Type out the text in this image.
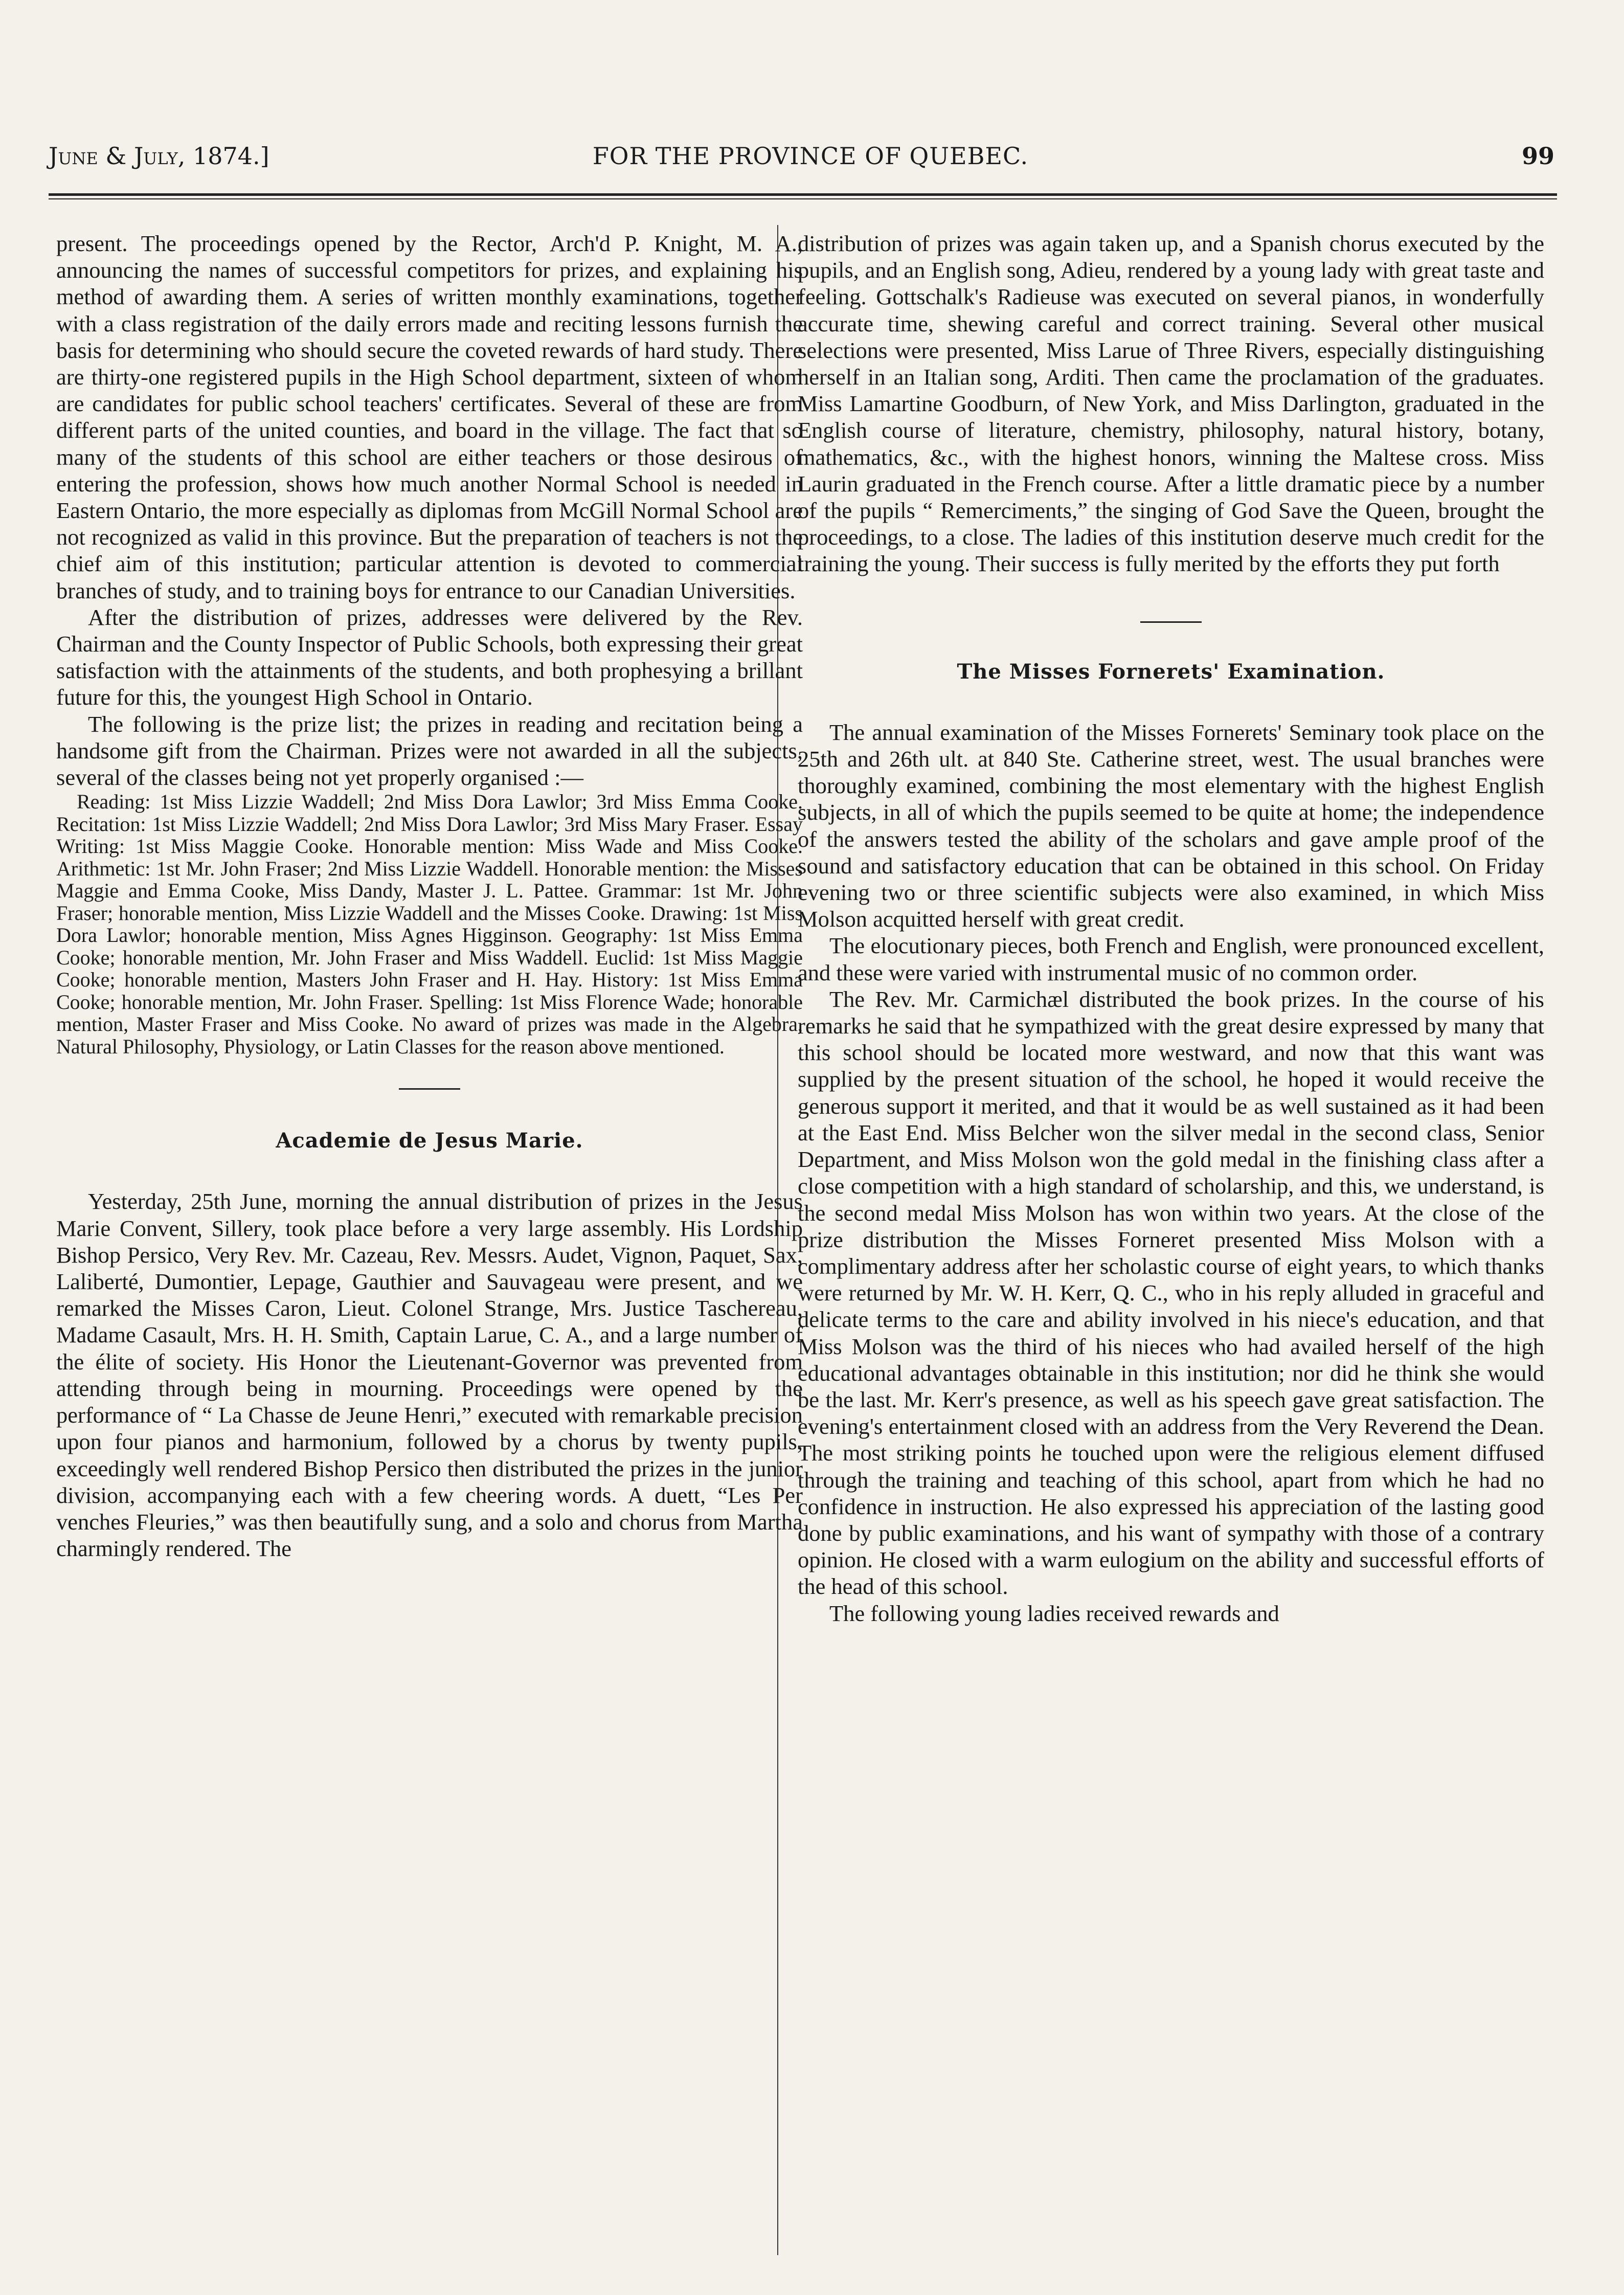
June & July, 1874.]	FOR THE PROVINCE OF QUEBEC.	99

present. The proceedings opened by the Rector, Arch'd P. Knight, M. A., announcing the names of successful competitors for prizes, and explaining his method of awarding them. A series of written monthly examinations, together with a class registration of the daily errors made and reciting lessons furnish the basis for determining who should secure the coveted rewards of hard study. There are thirty-one registered pupils in the High School department, sixteen of whom are candidates for public school teachers' certificates. Several of these are from different parts of the united counties, and board in the village. The fact that so many of the students of this school are either teachers or those desirous of entering the profession, shows how much another Normal School is needed in Eastern Ontario, the more especially as diplomas from McGill Normal School are not recognized as valid in this province. But the preparation of teachers is not the chief aim of this institution; particular attention is devoted to commercial branches of study, and to training boys for entrance to our Canadian Universities.

After the distribution of prizes, addresses were delivered by the Rev. Chairman and the County Inspector of Public Schools, both expressing their great satisfaction with the attainments of the students, and both prophesying a brillant future for this, the youngest High School in Ontario.

The following is the prize list; the prizes in reading and recitation being a handsome gift from the Chairman. Prizes were not awarded in all the subjects, several of the classes being not yet properly organised :—

Reading: 1st Miss Lizzie Waddell; 2nd Miss Dora Lawlor; 3rd Miss Emma Cooke. Recitation: 1st Miss Lizzie Waddell; 2nd Miss Dora Lawlor; 3rd Miss Mary Fraser. Essay Writing: 1st Miss Maggie Cooke. Honorable mention: Miss Wade and Miss Cooke. Arithmetic: 1st Mr. John Fraser; 2nd Miss Lizzie Waddell. Honorable mention: the Misses Maggie and Emma Cooke, Miss Dandy, Master J. L. Pattee. Grammar: 1st Mr. John Fraser; honorable mention, Miss Lizzie Waddell and the Misses Cooke. Drawing: 1st Miss Dora Lawlor; honorable mention, Miss Agnes Higginson. Geography: 1st Miss Emma Cooke; honorable mention, Mr. John Fraser and Miss Waddell. Euclid: 1st Miss Maggie Cooke; honorable mention, Masters John Fraser and H. Hay. History: 1st Miss Emma Cooke; honorable mention, Mr. John Fraser. Spelling: 1st Miss Florence Wade; honorable mention, Master Fraser and Miss Cooke. No award of prizes was made in the Algebra, Natural Philosophy, Physiology, or Latin Classes for the reason above mentioned.

Academie de Jesus Marie.

Yesterday, 25th June, morning the annual distribution of prizes in the Jesus Marie Convent, Sillery, took place before a very large assembly. His Lordship Bishop Persico, Very Rev. Mr. Cazeau, Rev. Messrs. Audet, Vignon, Paquet, Sax, Laliberté, Dumontier, Lepage, Gauthier and Sauvageau were present, and we remarked the Misses Caron, Lieut. Colonel Strange, Mrs. Justice Taschereau, Madame Casault, Mrs. H. H. Smith, Captain Larue, C. A., and a large number of the élite of society. His Honor the Lieutenant-Governor was prevented from attending through being in mourning. Proceedings were opened by the performance of “ La Chasse de Jeune Henri,” executed with remarkable precision upon four pianos and harmonium, followed by a chorus by twenty pupils, exceedingly well rendered Bishop Persico then distributed the prizes in the junior division, accompanying each with a few cheering words. A duett, “Les Per venches Fleuries,” was then beautifully sung, and a solo and chorus from Martha charmingly rendered. The

distribution of prizes was again taken up, and a Spanish chorus executed by the pupils, and an English song, Adieu, rendered by a young lady with great taste and feeling. Gottschalk's Radieuse was executed on several pianos, in wonderfully accurate time, shewing careful and correct training. Several other musical selections were presented, Miss Larue of Three Rivers, especially distinguishing herself in an Italian song, Arditi. Then came the proclamation of the graduates. Miss Lamartine Goodburn, of New York, and Miss Darlington, graduated in the English course of literature, chemistry, philosophy, natural history, botany, mathematics, &c., with the highest honors, winning the Maltese cross. Miss Laurin graduated in the French course. After a little dramatic piece by a number of the pupils “ Remerciments,” the singing of God Save the Queen, brought the proceedings, to a close. The ladies of this institution deserve much credit for the training the young. Their success is fully merited by the efforts they put forth

The Misses Fornerets' Examination.

The annual examination of the Misses Fornerets' Seminary took place on the 25th and 26th ult. at 840 Ste. Catherine street, west. The usual branches were thoroughly examined, combining the most elementary with the highest English subjects, in all of which the pupils seemed to be quite at home; the independence of the answers tested the ability of the scholars and gave ample proof of the sound and satisfactory education that can be obtained in this school. On Friday evening two or three scientific subjects were also examined, in which Miss Molson acquitted herself with great credit.

The elocutionary pieces, both French and English, were pronounced excellent, and these were varied with instrumental music of no common order.

The Rev. Mr. Carmichæl distributed the book prizes. In the course of his remarks he said that he sympathized with the great desire expressed by many that this school should be located more westward, and now that this want was supplied by the present situation of the school, he hoped it would receive the generous support it merited, and that it would be as well sustained as it had been at the East End. Miss Belcher won the silver medal in the second class, Senior Department, and Miss Molson won the gold medal in the finishing class after a close competition with a high standard of scholarship, and this, we understand, is the second medal Miss Molson has won within two years. At the close of the prize distribution the Misses Forneret presented Miss Molson with a complimentary address after her scholastic course of eight years, to which thanks were returned by Mr. W. H. Kerr, Q. C., who in his reply alluded in graceful and delicate terms to the care and ability involved in his niece's education, and that Miss Molson was the third of his nieces who had availed herself of the high educational advantages obtainable in this institution; nor did he think she would be the last. Mr. Kerr's presence, as well as his speech gave great satisfaction. The evening's entertainment closed with an address from the Very Reverend the Dean. The most striking points he touched upon were the religious element diffused through the training and teaching of this school, apart from which he had no confidence in instruction. He also expressed his appreciation of the lasting good done by public examinations, and his want of sympathy with those of a contrary opinion. He closed with a warm eulogium on the ability and successful efforts of the head of this school.

The following young ladies received rewards and
